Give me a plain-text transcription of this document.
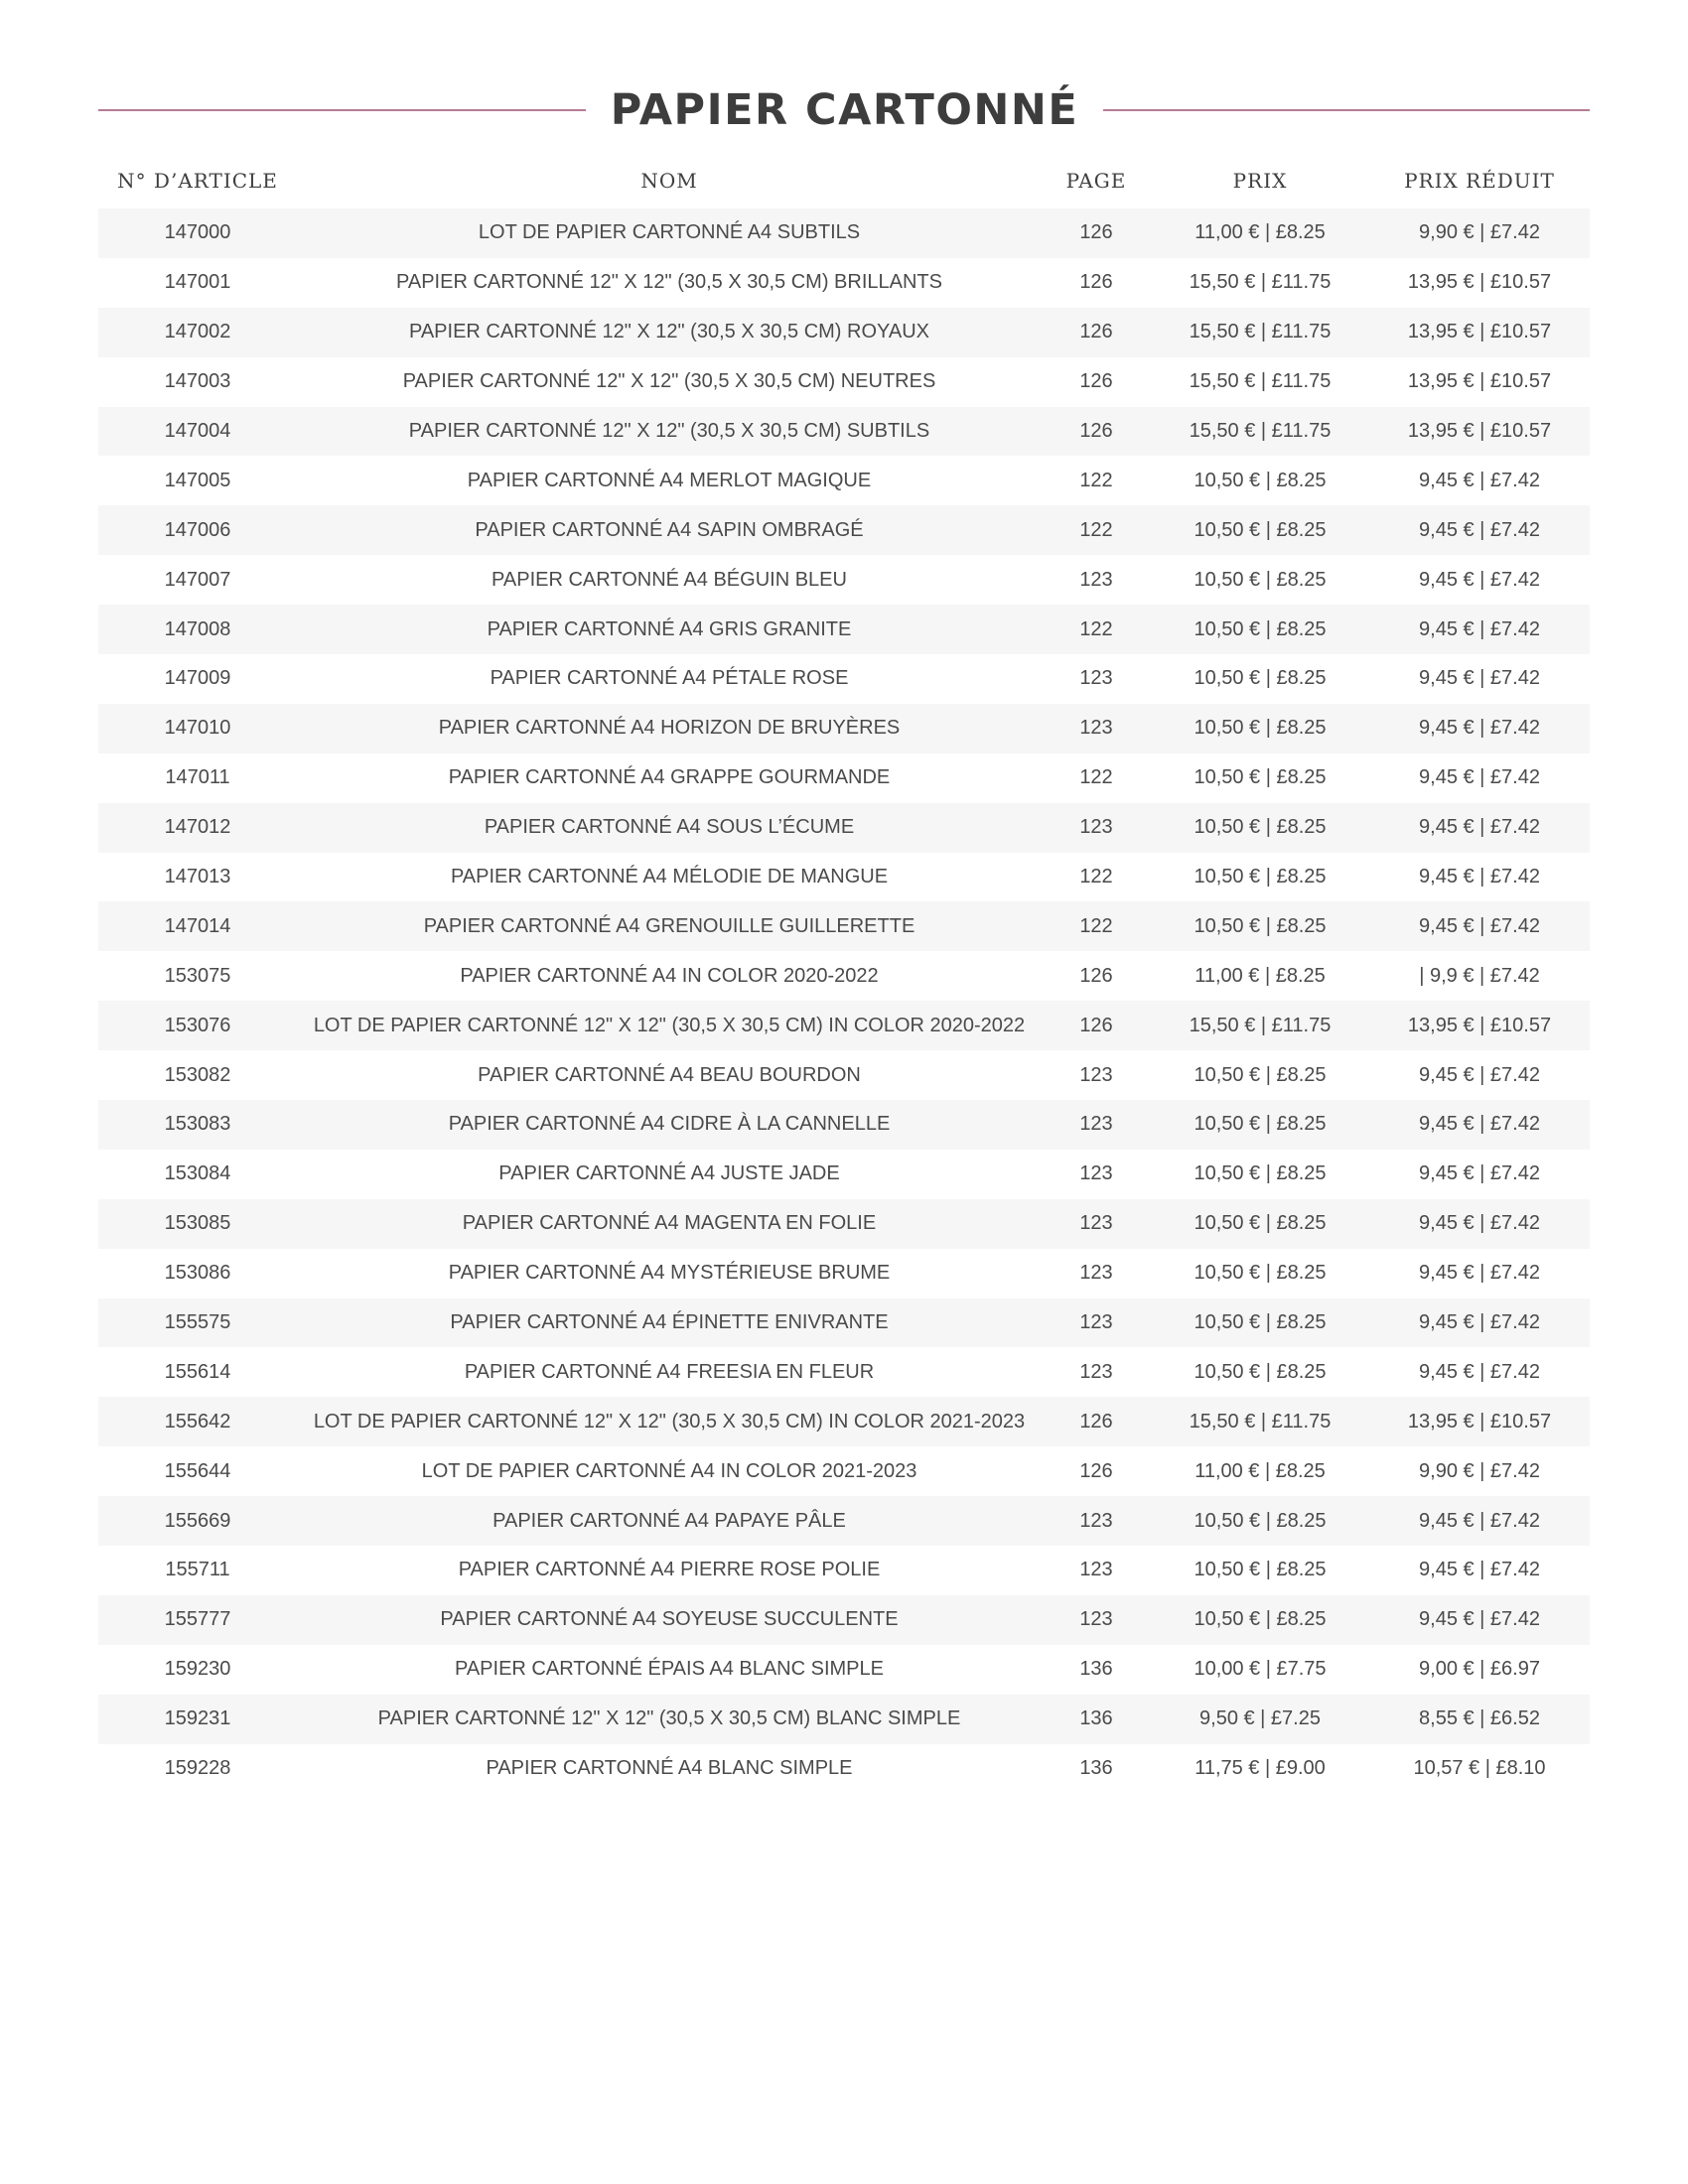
PAPIER CARTONNÉ
N° D’ARTICLE	NOM	PAGE	PRIX	PRIX RÉDUIT
147000	LOT DE PAPIER CARTONNÉ A4 SUBTILS	126	11,00 € | £8.25	9,90 € | £7.42
147001	PAPIER CARTONNÉ 12" X 12" (30,5 X 30,5 CM) BRILLANTS	126	15,50 € | £11.75	13,95 € | £10.57
147002	PAPIER CARTONNÉ 12" X 12" (30,5 X 30,5 CM) ROYAUX	126	15,50 € | £11.75	13,95 € | £10.57
147003	PAPIER CARTONNÉ 12" X 12" (30,5 X 30,5 CM) NEUTRES	126	15,50 € | £11.75	13,95 € | £10.57
147004	PAPIER CARTONNÉ 12" X 12" (30,5 X 30,5 CM) SUBTILS	126	15,50 € | £11.75	13,95 € | £10.57
147005	PAPIER CARTONNÉ A4 MERLOT MAGIQUE	122	10,50 € | £8.25	9,45 € | £7.42
147006	PAPIER CARTONNÉ A4 SAPIN OMBRAGÉ	122	10,50 € | £8.25	9,45 € | £7.42
147007	PAPIER CARTONNÉ A4 BÉGUIN BLEU	123	10,50 € | £8.25	9,45 € | £7.42
147008	PAPIER CARTONNÉ A4 GRIS GRANITE	122	10,50 € | £8.25	9,45 € | £7.42
147009	PAPIER CARTONNÉ A4 PÉTALE ROSE	123	10,50 € | £8.25	9,45 € | £7.42
147010	PAPIER CARTONNÉ A4 HORIZON DE BRUYÈRES	123	10,50 € | £8.25	9,45 € | £7.42
147011	PAPIER CARTONNÉ A4 GRAPPE GOURMANDE	122	10,50 € | £8.25	9,45 € | £7.42
147012	PAPIER CARTONNÉ A4 SOUS L’ÉCUME	123	10,50 € | £8.25	9,45 € | £7.42
147013	PAPIER CARTONNÉ A4 MÉLODIE DE MANGUE	122	10,50 € | £8.25	9,45 € | £7.42
147014	PAPIER CARTONNÉ A4 GRENOUILLE GUILLERETTE	122	10,50 € | £8.25	9,45 € | £7.42
153075	PAPIER CARTONNÉ A4 IN COLOR 2020-2022	126	11,00 € | £8.25	| 9,9 € | £7.42
153076	LOT DE PAPIER CARTONNÉ 12" X 12" (30,5 X 30,5 CM) IN COLOR 2020-2022	126	15,50 € | £11.75	13,95 € | £10.57
153082	PAPIER CARTONNÉ A4 BEAU BOURDON	123	10,50 € | £8.25	9,45 € | £7.42
153083	PAPIER CARTONNÉ A4 CIDRE À LA CANNELLE	123	10,50 € | £8.25	9,45 € | £7.42
153084	PAPIER CARTONNÉ A4 JUSTE JADE	123	10,50 € | £8.25	9,45 € | £7.42
153085	PAPIER CARTONNÉ A4 MAGENTA EN FOLIE	123	10,50 € | £8.25	9,45 € | £7.42
153086	PAPIER CARTONNÉ A4 MYSTÉRIEUSE BRUME	123	10,50 € | £8.25	9,45 € | £7.42
155575	PAPIER CARTONNÉ A4 ÉPINETTE ENIVRANTE	123	10,50 € | £8.25	9,45 € | £7.42
155614	PAPIER CARTONNÉ A4 FREESIA EN FLEUR	123	10,50 € | £8.25	9,45 € | £7.42
155642	LOT DE PAPIER CARTONNÉ 12" X 12" (30,5 X 30,5 CM) IN COLOR 2021-2023	126	15,50 € | £11.75	13,95 € | £10.57
155644	LOT DE PAPIER CARTONNÉ A4 IN COLOR 2021-2023	126	11,00 € | £8.25	9,90 € | £7.42
155669	PAPIER CARTONNÉ A4 PAPAYE PÂLE	123	10,50 € | £8.25	9,45 € | £7.42
155711	PAPIER CARTONNÉ A4 PIERRE ROSE POLIE	123	10,50 € | £8.25	9,45 € | £7.42
155777	PAPIER CARTONNÉ A4 SOYEUSE SUCCULENTE	123	10,50 € | £8.25	9,45 € | £7.42
159230	PAPIER CARTONNÉ ÉPAIS A4 BLANC SIMPLE	136	10,00 € | £7.75	9,00 € | £6.97
159231	PAPIER CARTONNÉ 12" X 12" (30,5 X 30,5 CM) BLANC SIMPLE	136	9,50 € | £7.25	8,55 € | £6.52
159228	PAPIER CARTONNÉ A4 BLANC SIMPLE	136	11,75 € | £9.00	10,57 € | £8.10
